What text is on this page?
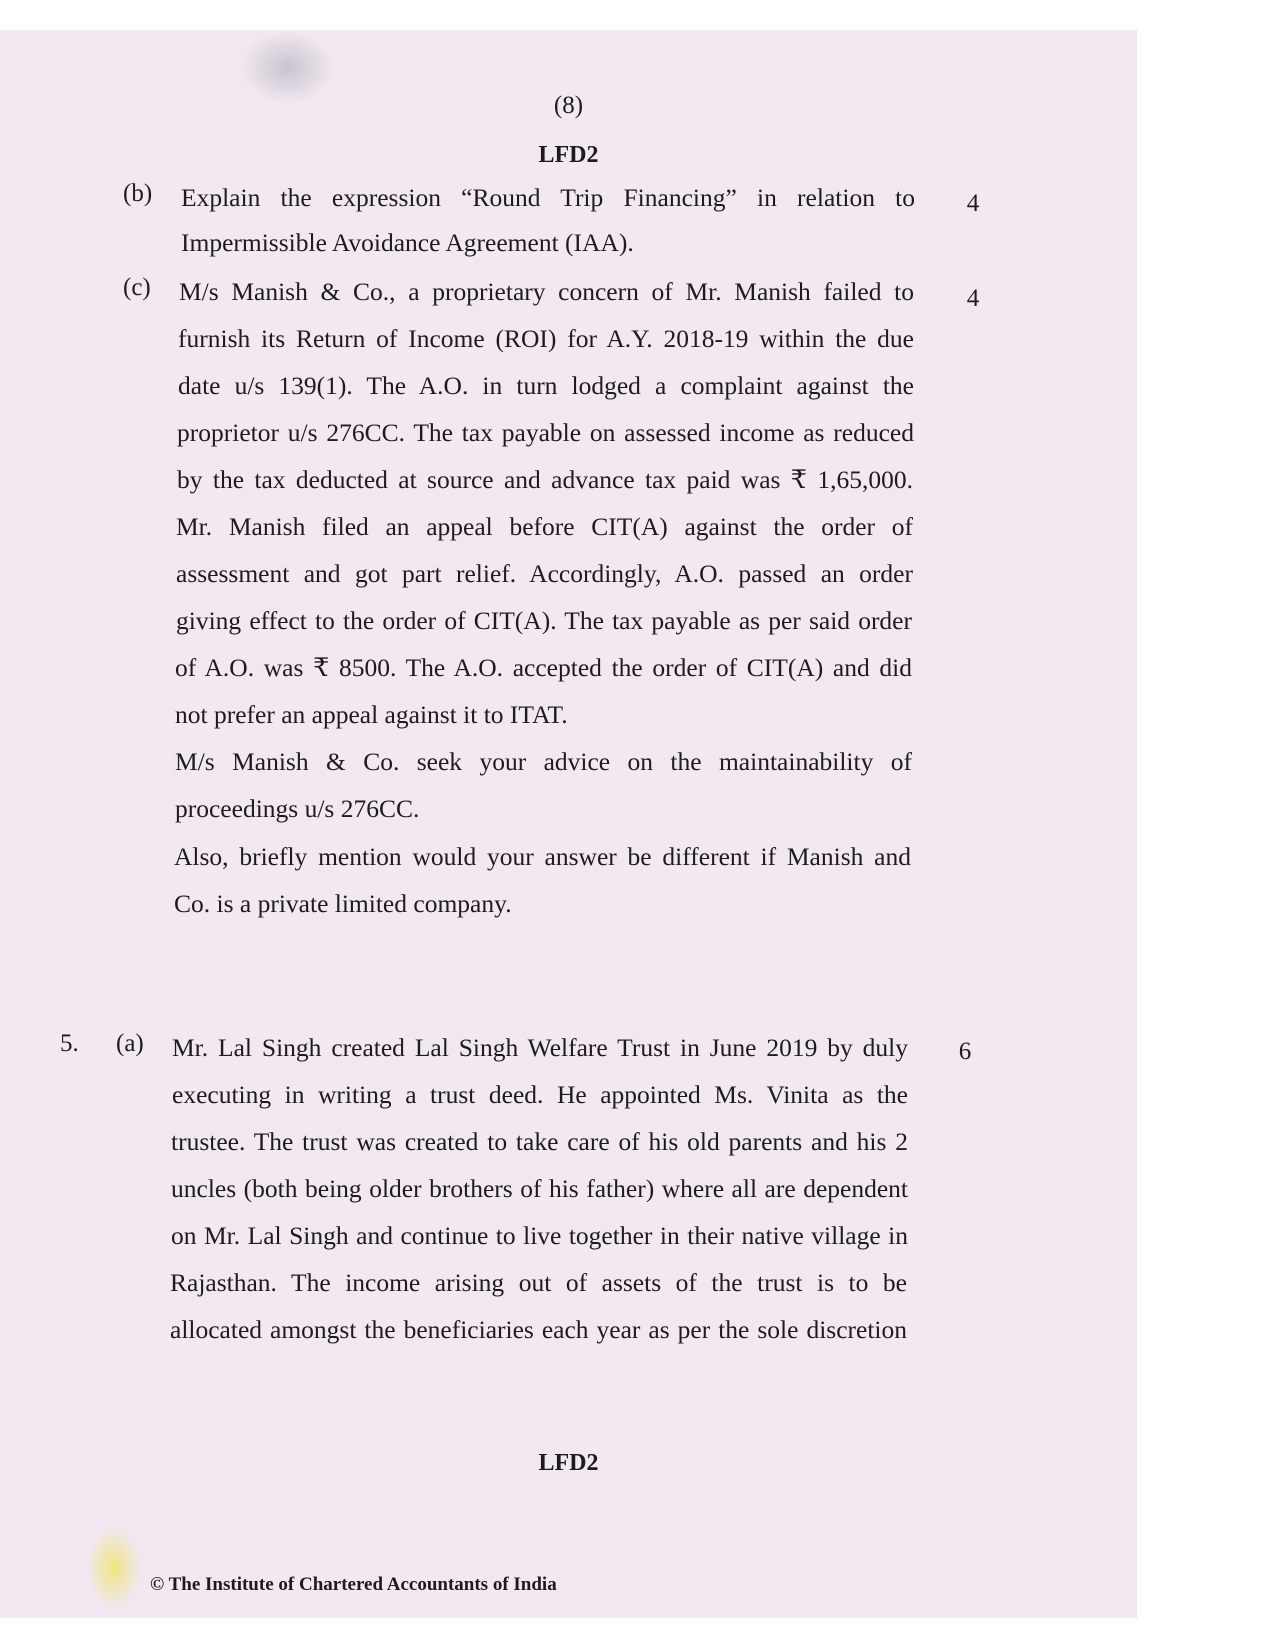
(8)
LFD2
(b)	4
Explain the expression “Round Trip Financing” in relation to
Impermissible Avoidance Agreement (IAA).
(c)	4
M/s Manish & Co., a proprietary concern of Mr. Manish failed to
furnish its Return of Income (ROI) for A.Y. 2018-19 within the due
date u/s 139(1). The A.O. in turn lodged a complaint against the
proprietor u/s 276CC. The tax payable on assessed income as reduced
by the tax deducted at source and advance tax paid was ₹ 1,65,000.
Mr. Manish filed an appeal before CIT(A) against the order of
assessment and got part relief. Accordingly, A.O. passed an order
giving effect to the order of CIT(A). The tax payable as per said order
of A.O. was ₹ 8500. The A.O. accepted the order of CIT(A) and did
not prefer an appeal against it to ITAT.
M/s Manish & Co. seek your advice on the maintainability of
proceedings u/s 276CC.
Also, briefly mention would your answer be different if Manish and
Co. is a private limited company.
5. (a)	6
Mr. Lal Singh created Lal Singh Welfare Trust in June 2019 by duly
executing in writing a trust deed. He appointed Ms. Vinita as the
trustee. The trust was created to take care of his old parents and his 2
uncles (both being older brothers of his father) where all are dependent
on Mr. Lal Singh and continue to live together in their native village in
Rajasthan. The income arising out of assets of the trust is to be
allocated amongst the beneficiaries each year as per the sole discretion
LFD2
© The Institute of Chartered Accountants of India
